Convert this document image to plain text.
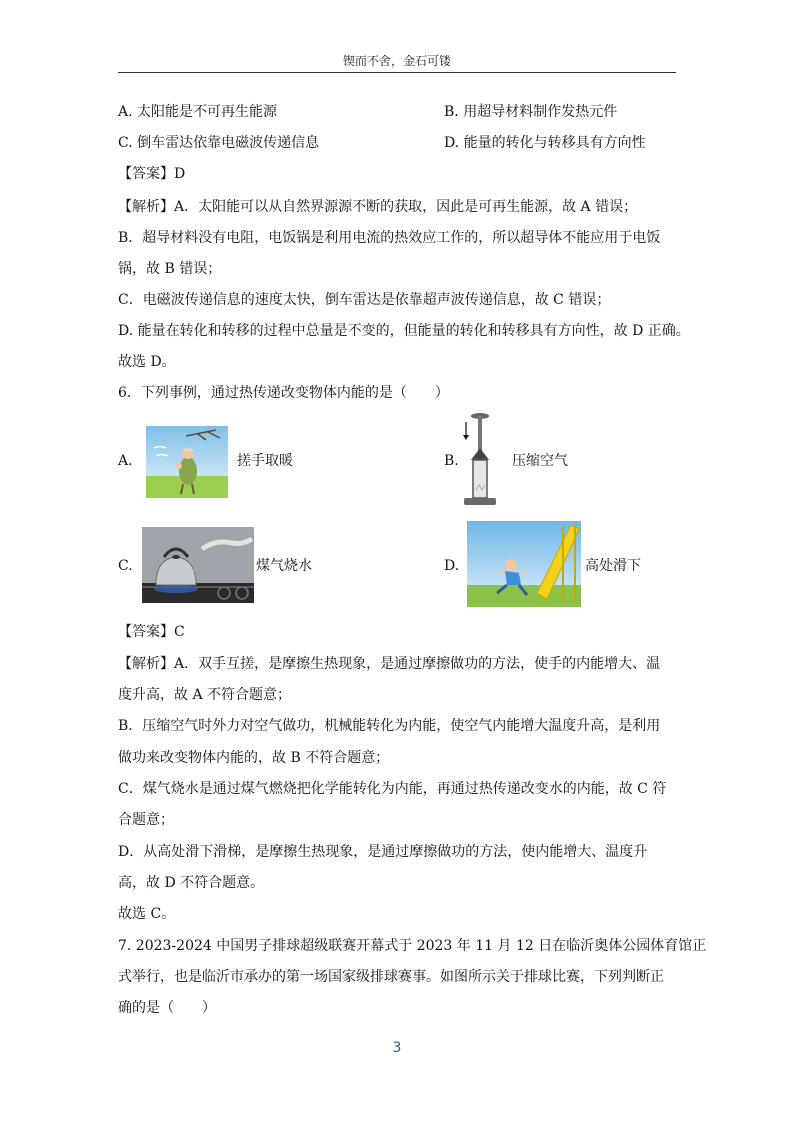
锲而不舍，金石可镂
A. 太阳能是不可再生能源	B. 用超导材料制作发热元件
C. 倒车雷达依靠电磁波传递信息	D. 能量的转化与转移具有方向性
【答案】D
【解析】A．太阳能可以从自然界源源不断的获取，因此是可再生能源，故 A 错误；
B．超导材料没有电阻，电饭锅是利用电流的热效应工作的，所以超导体不能应用于电饭
锅，故 B 错误；
C．电磁波传递信息的速度太快，倒车雷达是依靠超声波传递信息，故 C 错误；
D. 能量在转化和转移的过程中总量是不变的，但能量的转化和转移具有方向性，故 D 正确。
故选 D。
6．下列事例，通过热传递改变物体内能的是（　　）
A.	搓手取暖	B.	压缩空气
C.	煤气烧水	D.	高处滑下
【答案】C
【解析】A．双手互搓，是摩擦生热现象，是通过摩擦做功的方法，使手的内能增大、温
度升高，故 A 不符合题意；
B．压缩空气时外力对空气做功，机械能转化为内能，使空气内能增大温度升高，是利用
做功来改变物体内能的，故 B 不符合题意；
C．煤气烧水是通过煤气燃烧把化学能转化为内能，再通过热传递改变水的内能，故 C 符
合题意；
D．从高处滑下滑梯，是摩擦生热现象，是通过摩擦做功的方法，使内能增大、温度升
高，故 D 不符合题意。
故选 C。
7. 2023-2024 中国男子排球超级联赛开幕式于 2023 年 11 月 12 日在临沂奥体公园体育馆正
式举行，也是临沂市承办的第一场国家级排球赛事。如图所示关于排球比赛，下列判断正
确的是（　　）
3
